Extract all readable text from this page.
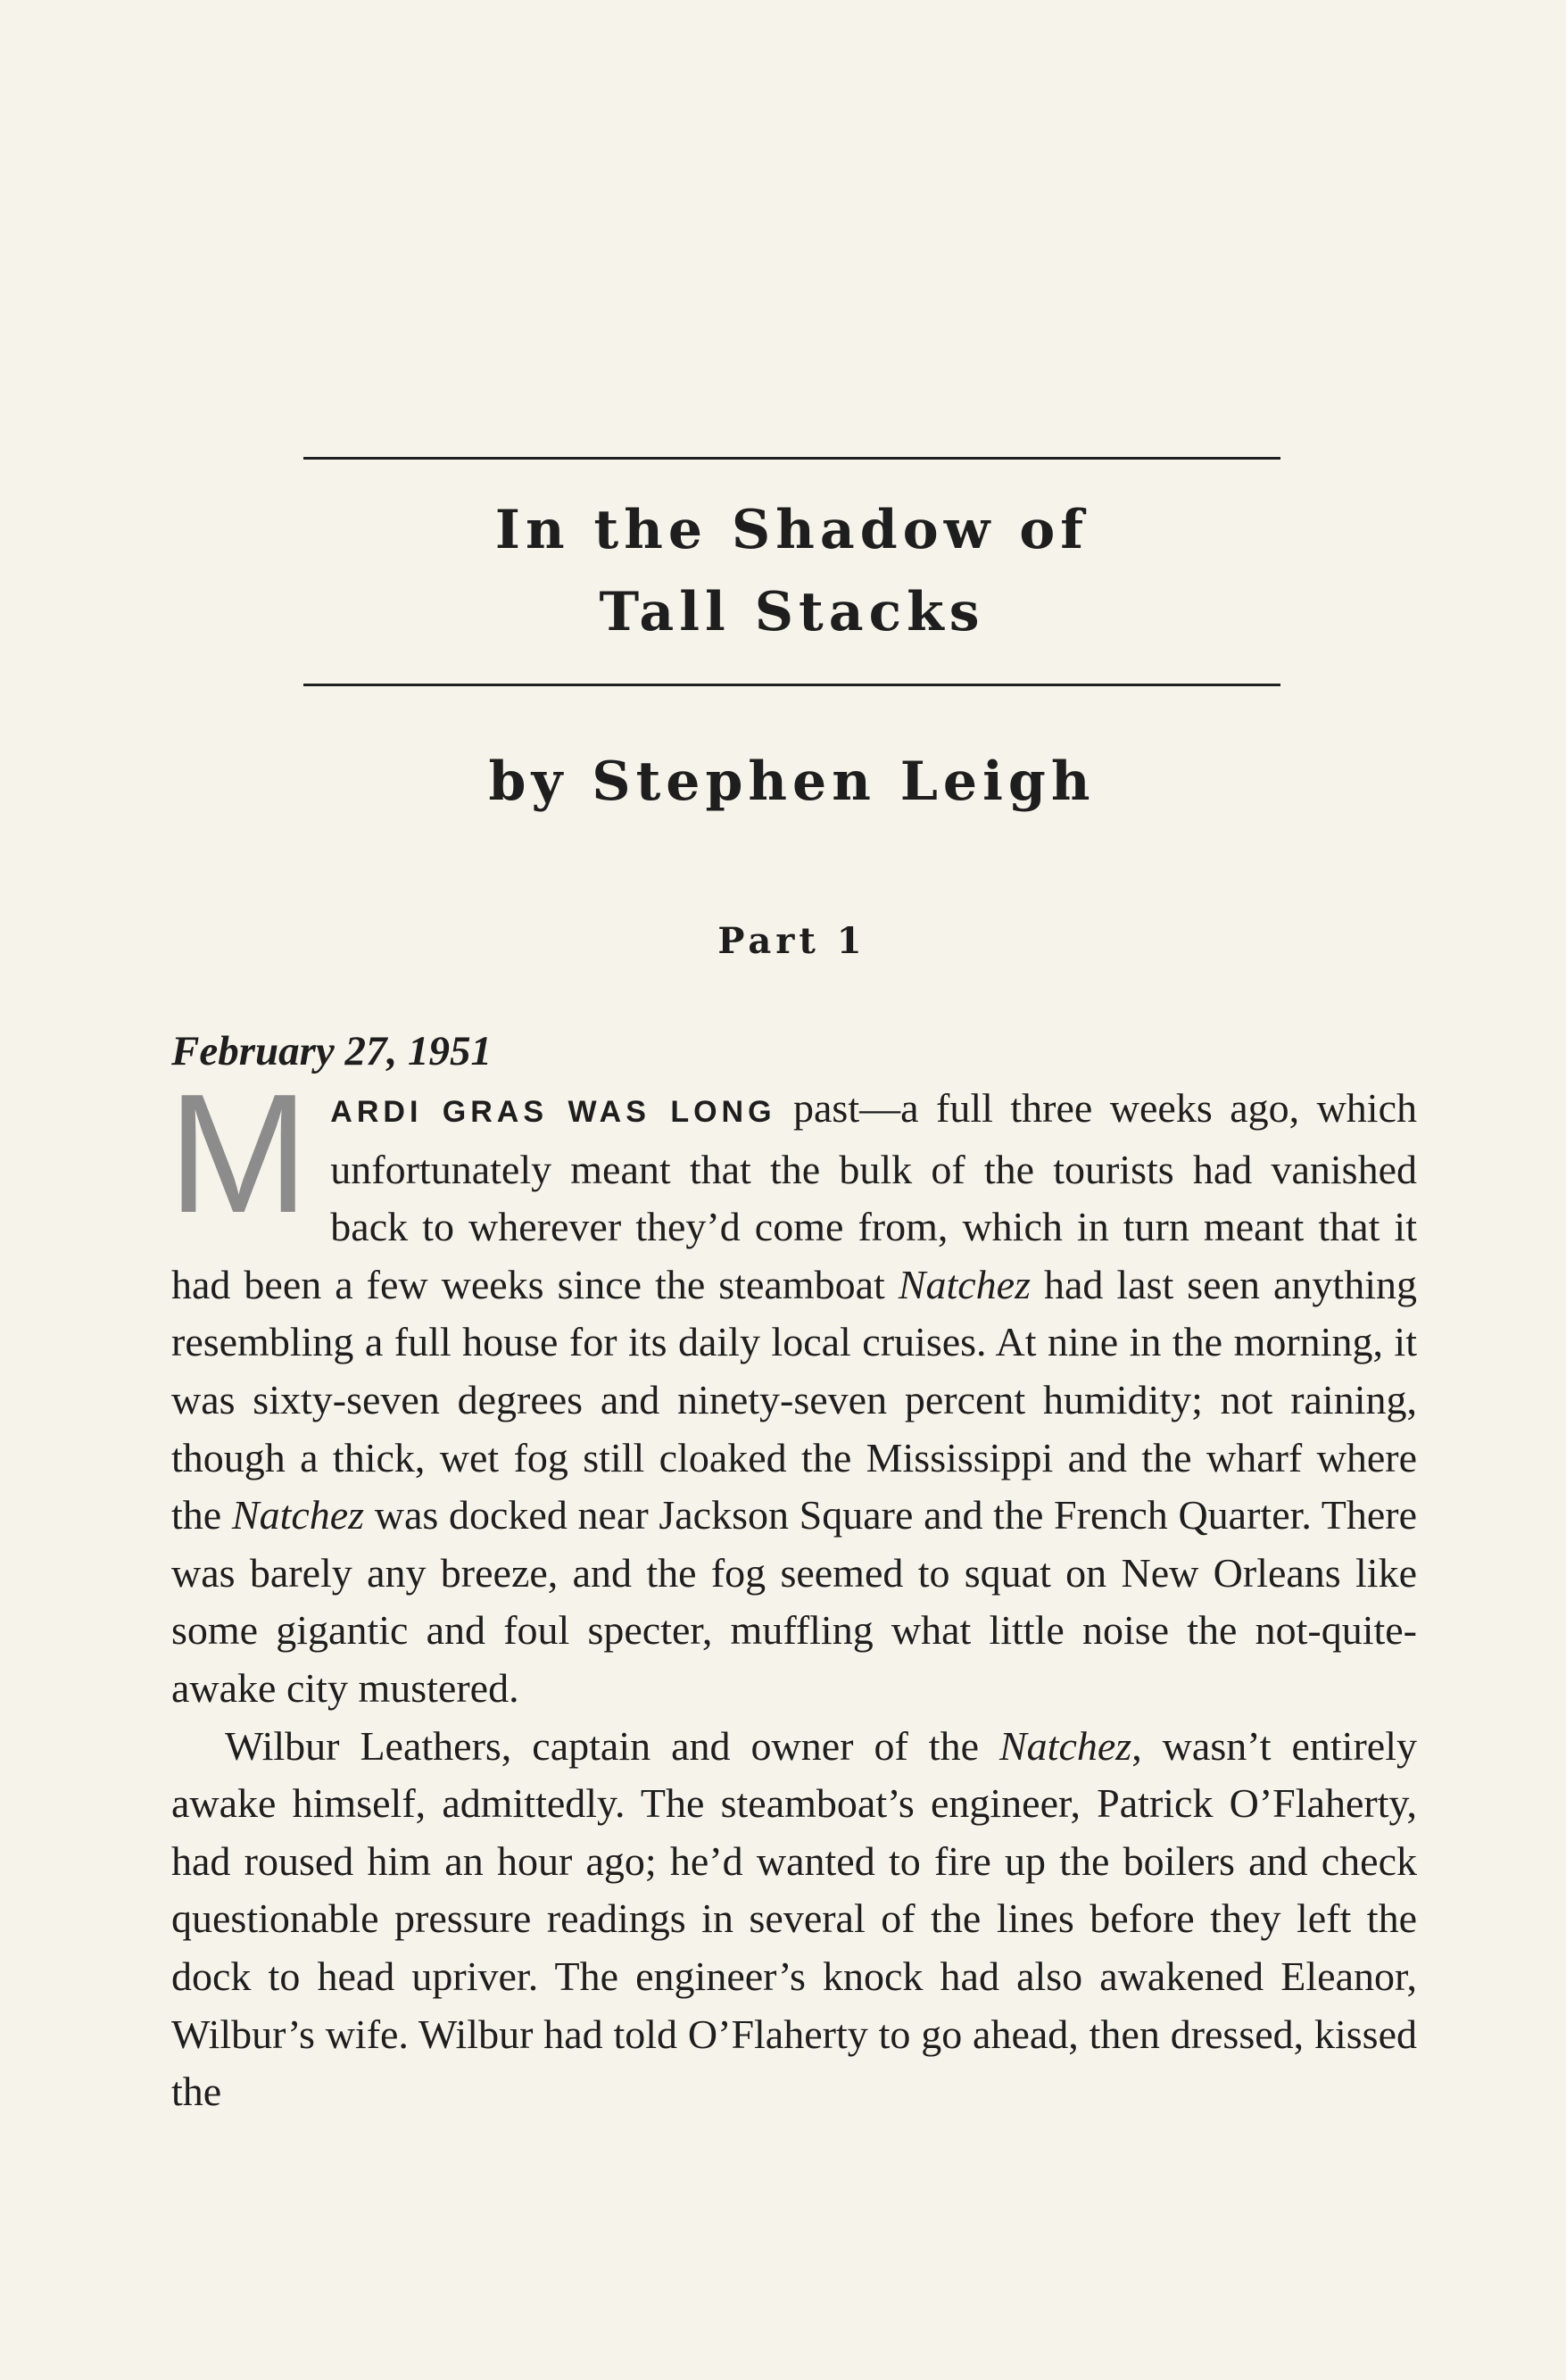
In the Shadow of
Tall Stacks
by Stephen Leigh
Part 1
February 27, 1951

MARDI GRAS WAS LONG past—a full three weeks ago, which unfortunately meant that the bulk of the tourists had vanished back to wherever they’d come from, which in turn meant that it had been a few weeks since the steamboat Natchez had last seen anything resembling a full house for its daily local cruises. At nine in the morning, it was sixty-seven degrees and ninety-seven percent humidity; not raining, though a thick, wet fog still cloaked the Mississippi and the wharf where the Natchez was docked near Jackson Square and the French Quarter. There was barely any breeze, and the fog seemed to squat on New Orleans like some gigantic and foul specter, muffling what little noise the not-quite-awake city mustered.

Wilbur Leathers, captain and owner of the Natchez, wasn’t entirely awake himself, admittedly. The steamboat’s engineer, Patrick O’Flaherty, had roused him an hour ago; he’d wanted to fire up the boilers and check questionable pressure readings in several of the lines before they left the dock to head upriver. The engineer’s knock had also awakened Eleanor, Wilbur’s wife. Wilbur had told O’Flaherty to go ahead, then dressed, kissed the
